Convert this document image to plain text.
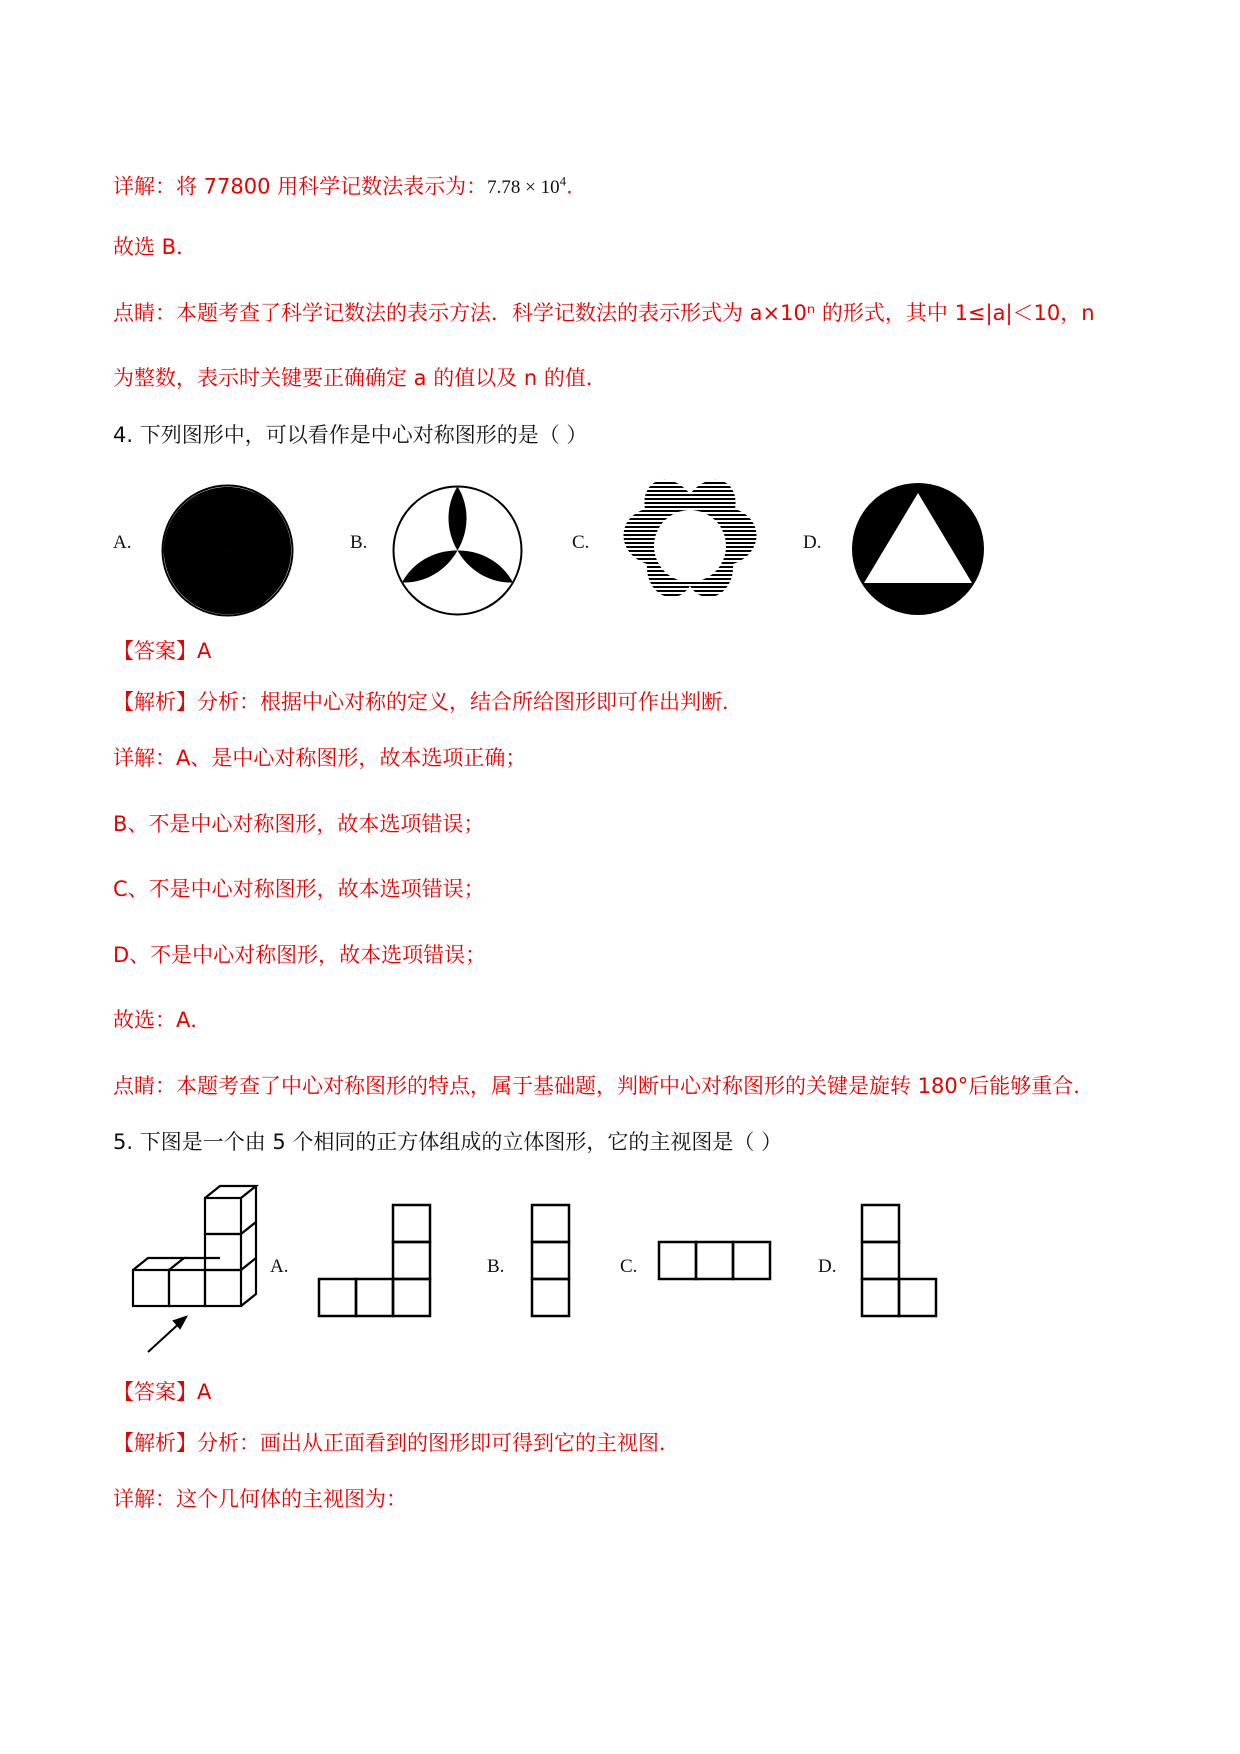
详解：将 77800 用科学记数法表示为：$7.78 \times 10^4$.
故选 B．
点睛：本题考查了科学记数法的表示方法．科学记数法的表示形式为 a×10ⁿ 的形式，其中 1≤|a|＜10，n
为整数，表示时关键要正确确定 a 的值以及 n 的值．
4. 下列图形中，可以看作是中心对称图形的是（ ）
A.	B.	C.	D.
【答案】A
【解析】分析：根据中心对称的定义，结合所给图形即可作出判断．
详解：A、是中心对称图形，故本选项正确；
B、不是中心对称图形，故本选项错误；
C、不是中心对称图形，故本选项错误；
D、不是中心对称图形，故本选项错误；
故选：A．
点睛：本题考查了中心对称图形的特点，属于基础题，判断中心对称图形的关键是旋转 180°后能够重合．
5. 下图是一个由 5 个相同的正方体组成的立体图形，它的主视图是（ ）
A.	B.	C.	D.
【答案】A
【解析】分析：画出从正面看到的图形即可得到它的主视图．
详解：这个几何体的主视图为：
